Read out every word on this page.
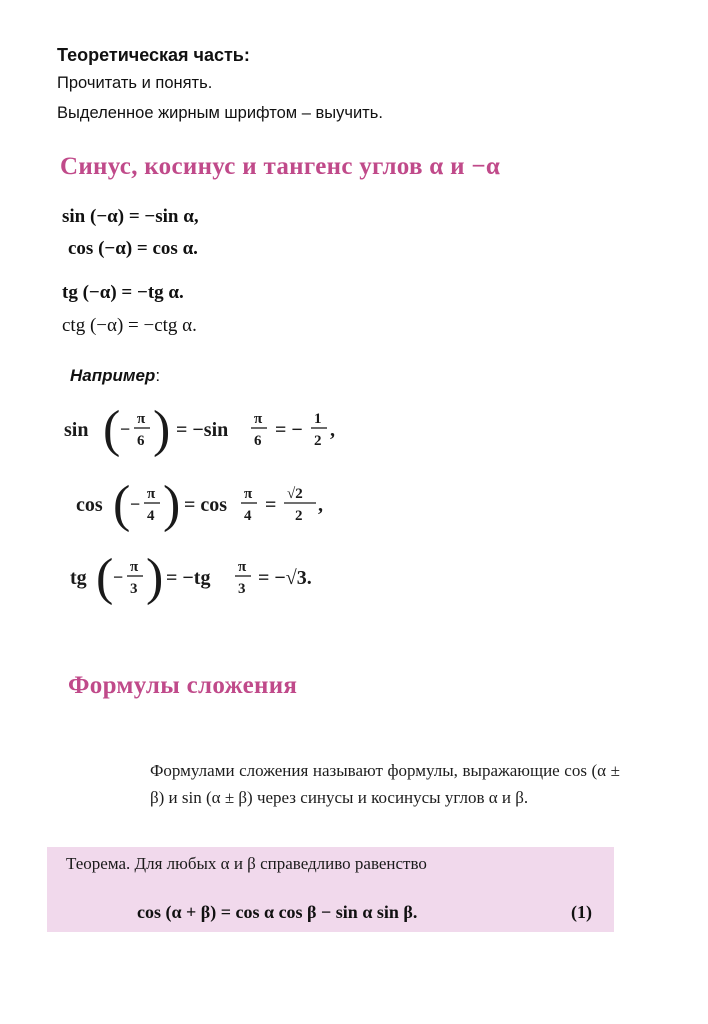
Теоретическая часть:
Прочитать и понять.
Выделенное жирным шрифтом – выучить.
Синус, косинус и тангенс углов α и −α
sin (−α) = −sin α,
cos (−α) = cos α.
tg (−α) = −tg α.
ctg (−α) = −ctg α.
Например:
sin ( − π
6 ) = −sin π
6 = − 1
2 ,
cos ( − π
4 ) = cos π
4 = √2
2 ,
tg ( − π
3 ) = −tg π
3 = −√3.
Формулы сложения
Формулами сложения называют формулы, выражающие cos (α ± β) и sin (α ± β) через синусы и косинусы углов α и β.
Теорема. Для любых α и β справедливо равенство
cos (α + β) = cos α cos β − sin α sin β.	(1)
